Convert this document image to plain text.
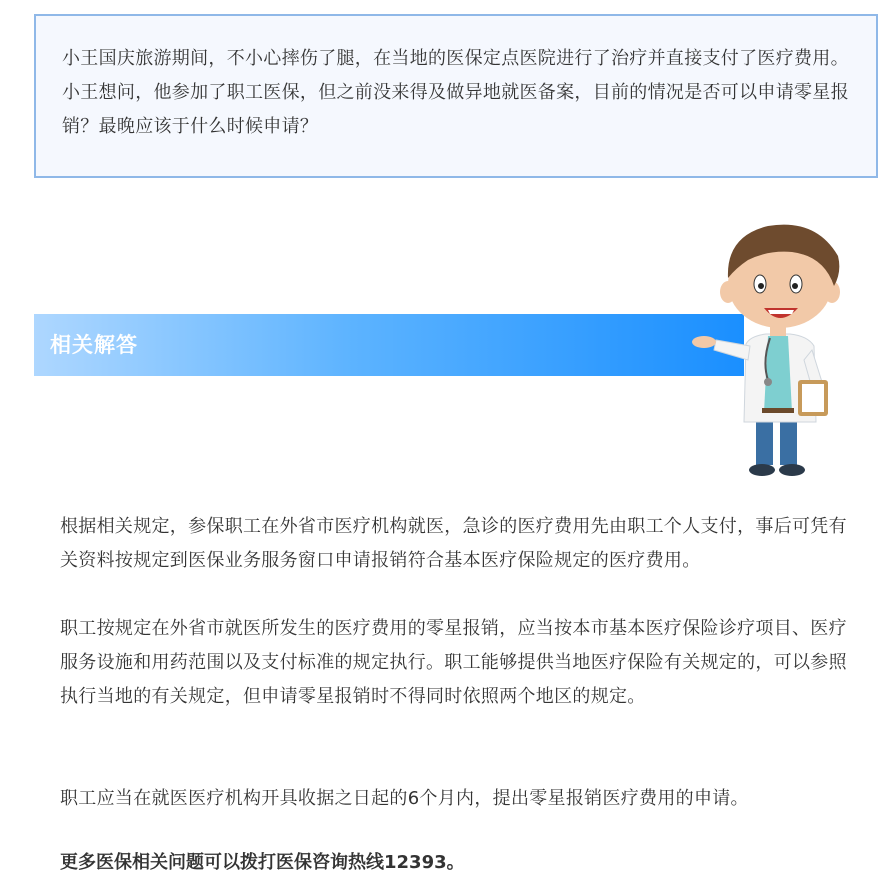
小王国庆旅游期间，不小心摔伤了腿，在当地的医保定点医院进行了治疗并直接支付了医疗费用。小王想问，他参加了职工医保，但之前没来得及做异地就医备案，目前的情况是否可以申请零星报销？最晚应该于什么时候申请？
相关解答

根据相关规定，参保职工在外省市医疗机构就医，急诊的医疗费用先由职工个人支付，事后可凭有关资料按规定到医保业务服务窗口申请报销符合基本医疗保险规定的医疗费用。

职工按规定在外省市就医所发生的医疗费用的零星报销，应当按本市基本医疗保险诊疗项目、医疗服务设施和用药范围以及支付标准的规定执行。职工能够提供当地医疗保险有关规定的，可以参照执行当地的有关规定，但申请零星报销时不得同时依照两个地区的规定。

职工应当在就医医疗机构开具收据之日起的6个月内，提出零星报销医疗费用的申请。

更多医保相关问题可以拨打医保咨询热线12393。
